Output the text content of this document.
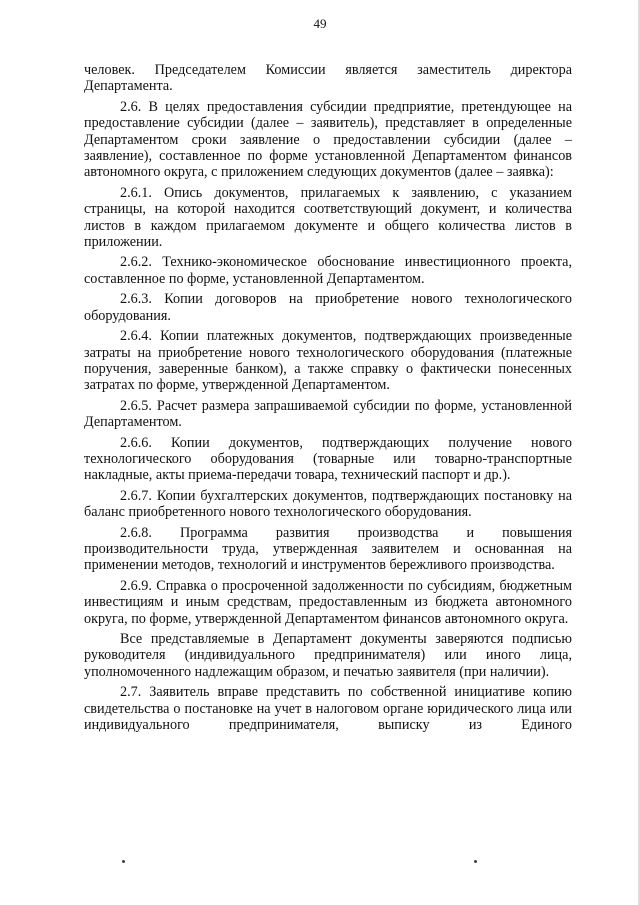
49

человек. Председателем Комиссии является заместитель директора Департамента.

2.6. В целях предоставления субсидии предприятие, претендующее на предоставление субсидии (далее – заявитель), представляет в определенные Департаментом сроки заявление о предоставлении субсидии (далее – заявление), составленное по форме установленной Департаментом финансов автономного округа, с приложением следующих документов (далее – заявка):

2.6.1. Опись документов, прилагаемых к заявлению, с указанием страницы, на которой находится соответствующий документ, и количества листов в каждом прилагаемом документе и общего количества листов в приложении.

2.6.2. Технико-экономическое обоснование инвестиционного проекта, составленное по форме, установленной Департаментом.

2.6.3. Копии договоров на приобретение нового технологического оборудования.

2.6.4. Копии платежных документов, подтверждающих произведенные затраты на приобретение нового технологического оборудования (платежные поручения, заверенные банком), а также справку о фактически понесенных затратах по форме, утвержденной Департаментом.

2.6.5. Расчет размера запрашиваемой субсидии по форме, установленной Департаментом.

2.6.6. Копии документов, подтверждающих получение нового технологического оборудования (товарные или товарно-транспортные накладные, акты приема-передачи товара, технический паспорт и др.).

2.6.7. Копии бухгалтерских документов, подтверждающих постановку на баланс приобретенного нового технологического оборудования.

2.6.8. Программа развития производства и повышения производительности труда, утвержденная заявителем и основанная на применении методов, технологий и инструментов бережливого производства.

2.6.9. Справка о просроченной задолженности по субсидиям, бюджетным инвестициям и иным средствам, предоставленным из бюджета автономного округа, по форме, утвержденной Департаментом финансов автономного округа.

Все представляемые в Департамент документы заверяются подписью руководителя (индивидуального предпринимателя) или иного лица, уполномоченного надлежащим образом, и печатью заявителя (при наличии).

2.7. Заявитель вправе представить по собственной инициативе копию свидетельства о постановке на учет в налоговом органе юридического лица или индивидуального предпринимателя, выписку из Единого
